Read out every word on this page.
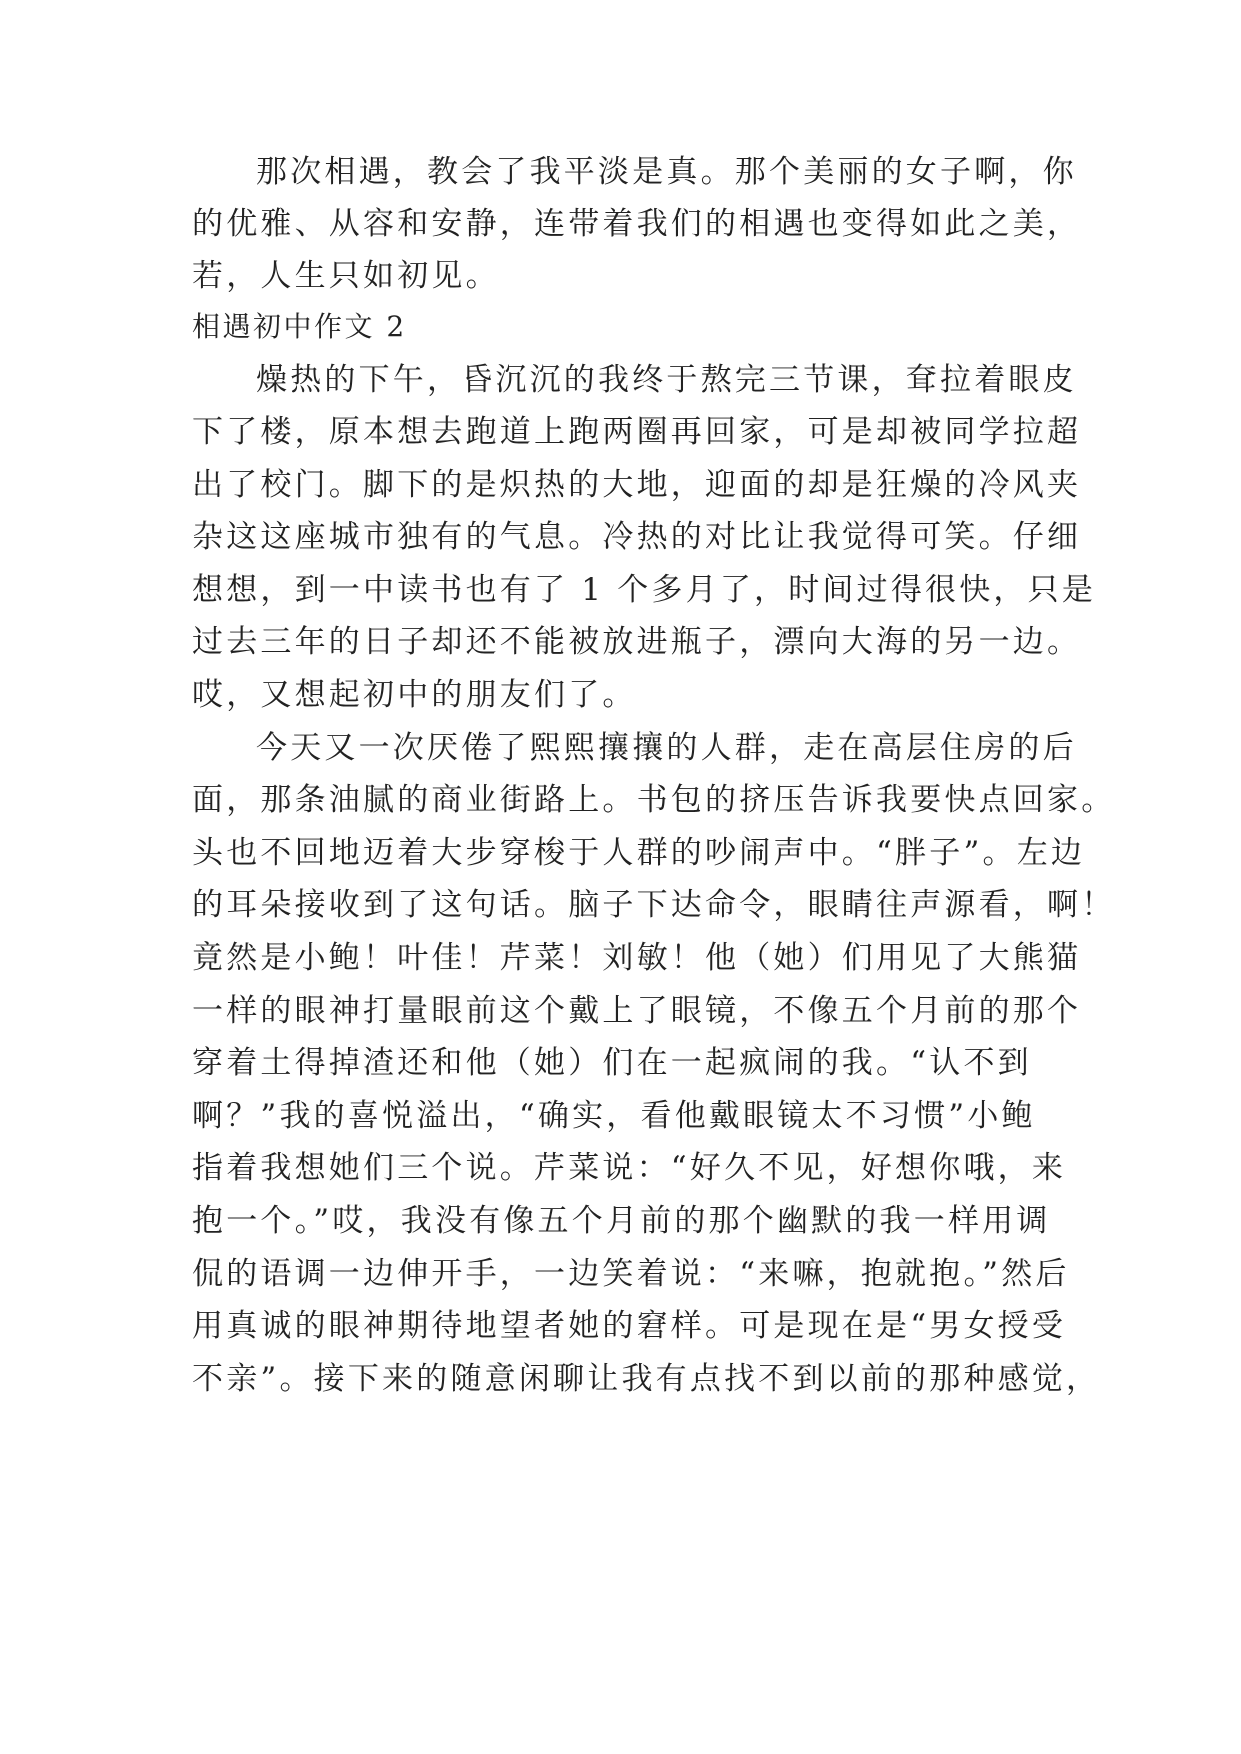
那次相遇，教会了我平淡是真。那个美丽的女子啊，你
的优雅、从容和安静，连带着我们的相遇也变得如此之美，
若，人生只如初见。
相遇初中作文 2
燥热的下午，昏沉沉的我终于熬完三节课，耷拉着眼皮
下了楼，原本想去跑道上跑两圈再回家，可是却被同学拉超
出了校门。脚下的是炽热的大地，迎面的却是狂燥的冷风夹
杂这这座城市独有的气息。冷热的对比让我觉得可笑。仔细
想想，到一中读书也有了 1 个多月了，时间过得很快，只是
过去三年的日子却还不能被放进瓶子，漂向大海的另一边。
哎，又想起初中的朋友们了。
今天又一次厌倦了熙熙攘攘的人群，走在高层住房的后
面，那条油腻的商业街路上。书包的挤压告诉我要快点回家。
头也不回地迈着大步穿梭于人群的吵闹声中。“胖子”。左边
的耳朵接收到了这句话。脑子下达命令，眼睛往声源看，啊！
竟然是小鲍！叶佳！芹菜！刘敏！他（她）们用见了大熊猫
一样的眼神打量眼前这个戴上了眼镜，不像五个月前的那个
穿着土得掉渣还和他（她）们在一起疯闹的我。“认不到
啊？”我的喜悦溢出，“确实，看他戴眼镜太不习惯”小鲍
指着我想她们三个说。芹菜说：“好久不见，好想你哦，来
抱一个。”哎，我没有像五个月前的那个幽默的我一样用调
侃的语调一边伸开手，一边笑着说：“来嘛，抱就抱。”然后
用真诚的眼神期待地望者她的窘样。可是现在是“男女授受
不亲”。接下来的随意闲聊让我有点找不到以前的那种感觉，
